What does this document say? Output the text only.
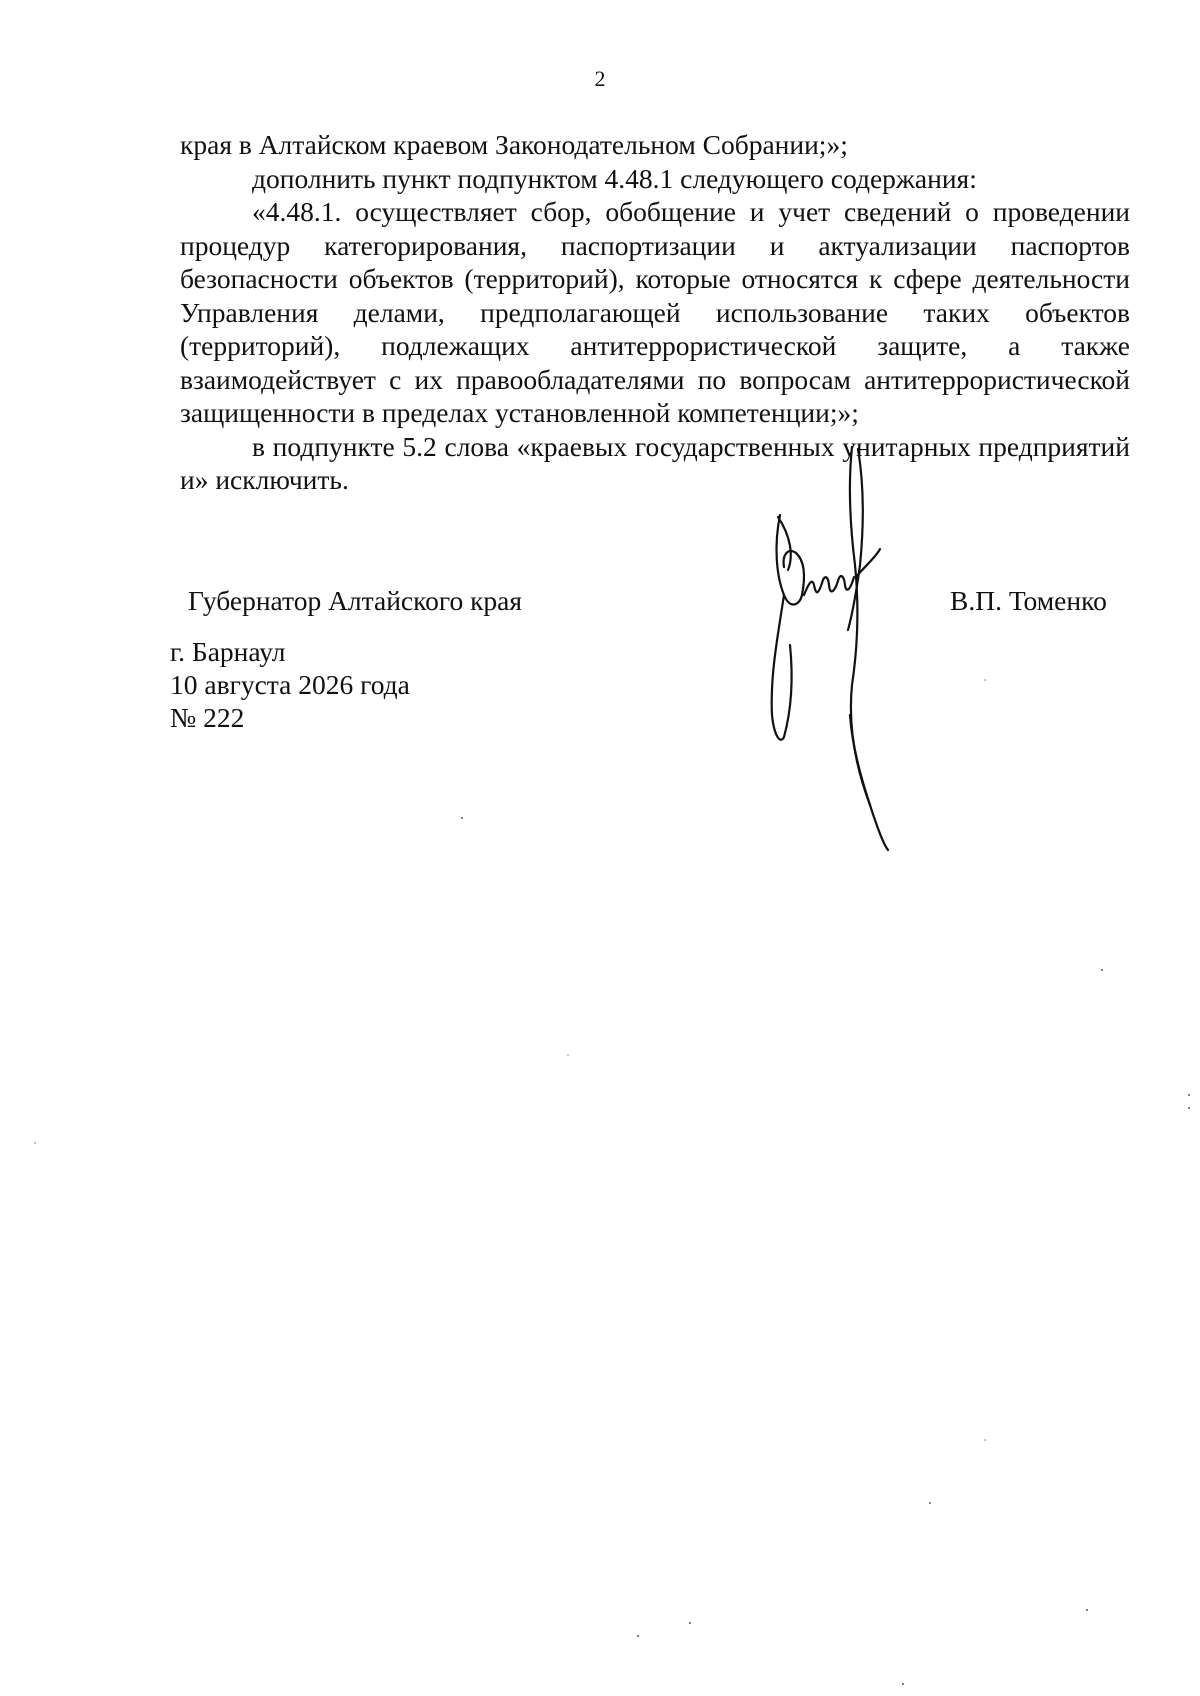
2

края в Алтайском краевом Законодательном Собрании;»;

дополнить пункт подпунктом 4.48.1 следующего содержания:

«4.48.1. осуществляет сбор, обобщение и учет сведений о проведении процедур категорирования, паспортизации и актуализации паспортов безопасности объектов (территорий), которые относятся к сфере деятельности Управления делами, предполагающей использование таких объектов (территорий), подлежащих антитеррористической защите, а также взаимодействует с их правообладателями по вопросам антитеррористической защищенности в пределах установленной компетенции;»;

в подпункте 5.2 слова «краевых государственных унитарных предприятий и» исключить.

Губернатор Алтайского края	В.П. Томенко
г. Барнаул
10 августа 2026 года
№ 222
